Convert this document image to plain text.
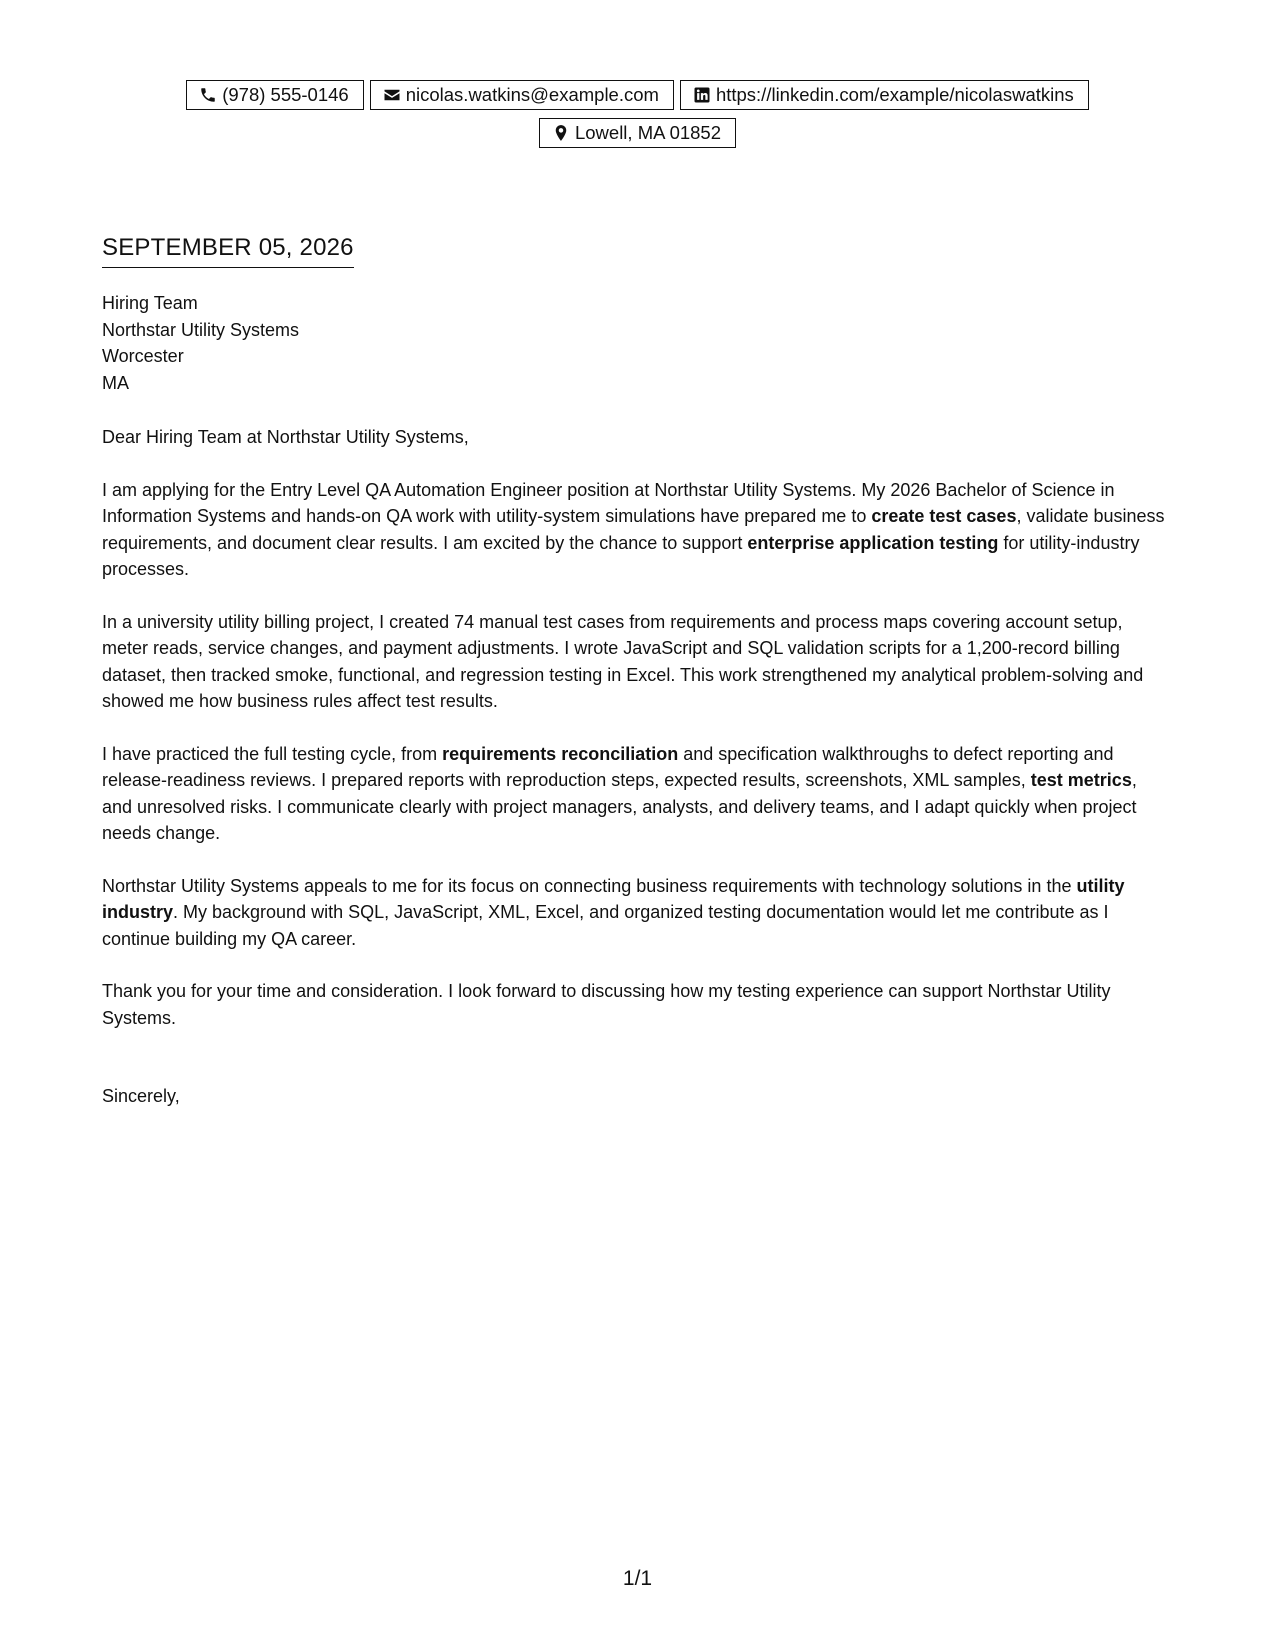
(978) 555-0146	nicolas.watkins@example.com	https://linkedin.com/example/nicolaswatkins
Lowell, MA 01852
SEPTEMBER 05, 2026
Hiring Team
Northstar Utility Systems
Worcester
MA

Dear Hiring Team at Northstar Utility Systems,

I am applying for the Entry Level QA Automation Engineer position at Northstar Utility Systems. My 2026 Bachelor of Science in Information Systems and hands-on QA work with utility-system simulations have prepared me to create test cases, validate business requirements, and document clear results. I am excited by the chance to support enterprise application testing for utility-industry processes.

In a university utility billing project, I created 74 manual test cases from requirements and process maps covering account setup, meter reads, service changes, and payment adjustments. I wrote JavaScript and SQL validation scripts for a 1,200-record billing dataset, then tracked smoke, functional, and regression testing in Excel. This work strengthened my analytical problem-solving and showed me how business rules affect test results.

I have practiced the full testing cycle, from requirements reconciliation and specification walkthroughs to defect reporting and release-readiness reviews. I prepared reports with reproduction steps, expected results, screenshots, XML samples, test metrics, and unresolved risks. I communicate clearly with project managers, analysts, and delivery teams, and I adapt quickly when project needs change.

Northstar Utility Systems appeals to me for its focus on connecting business requirements with technology solutions in the utility industry. My background with SQL, JavaScript, XML, Excel, and organized testing documentation would let me contribute as I continue building my QA career.

Thank you for your time and consideration. I look forward to discussing how my testing experience can support Northstar Utility Systems.

Sincerely,

1/1
